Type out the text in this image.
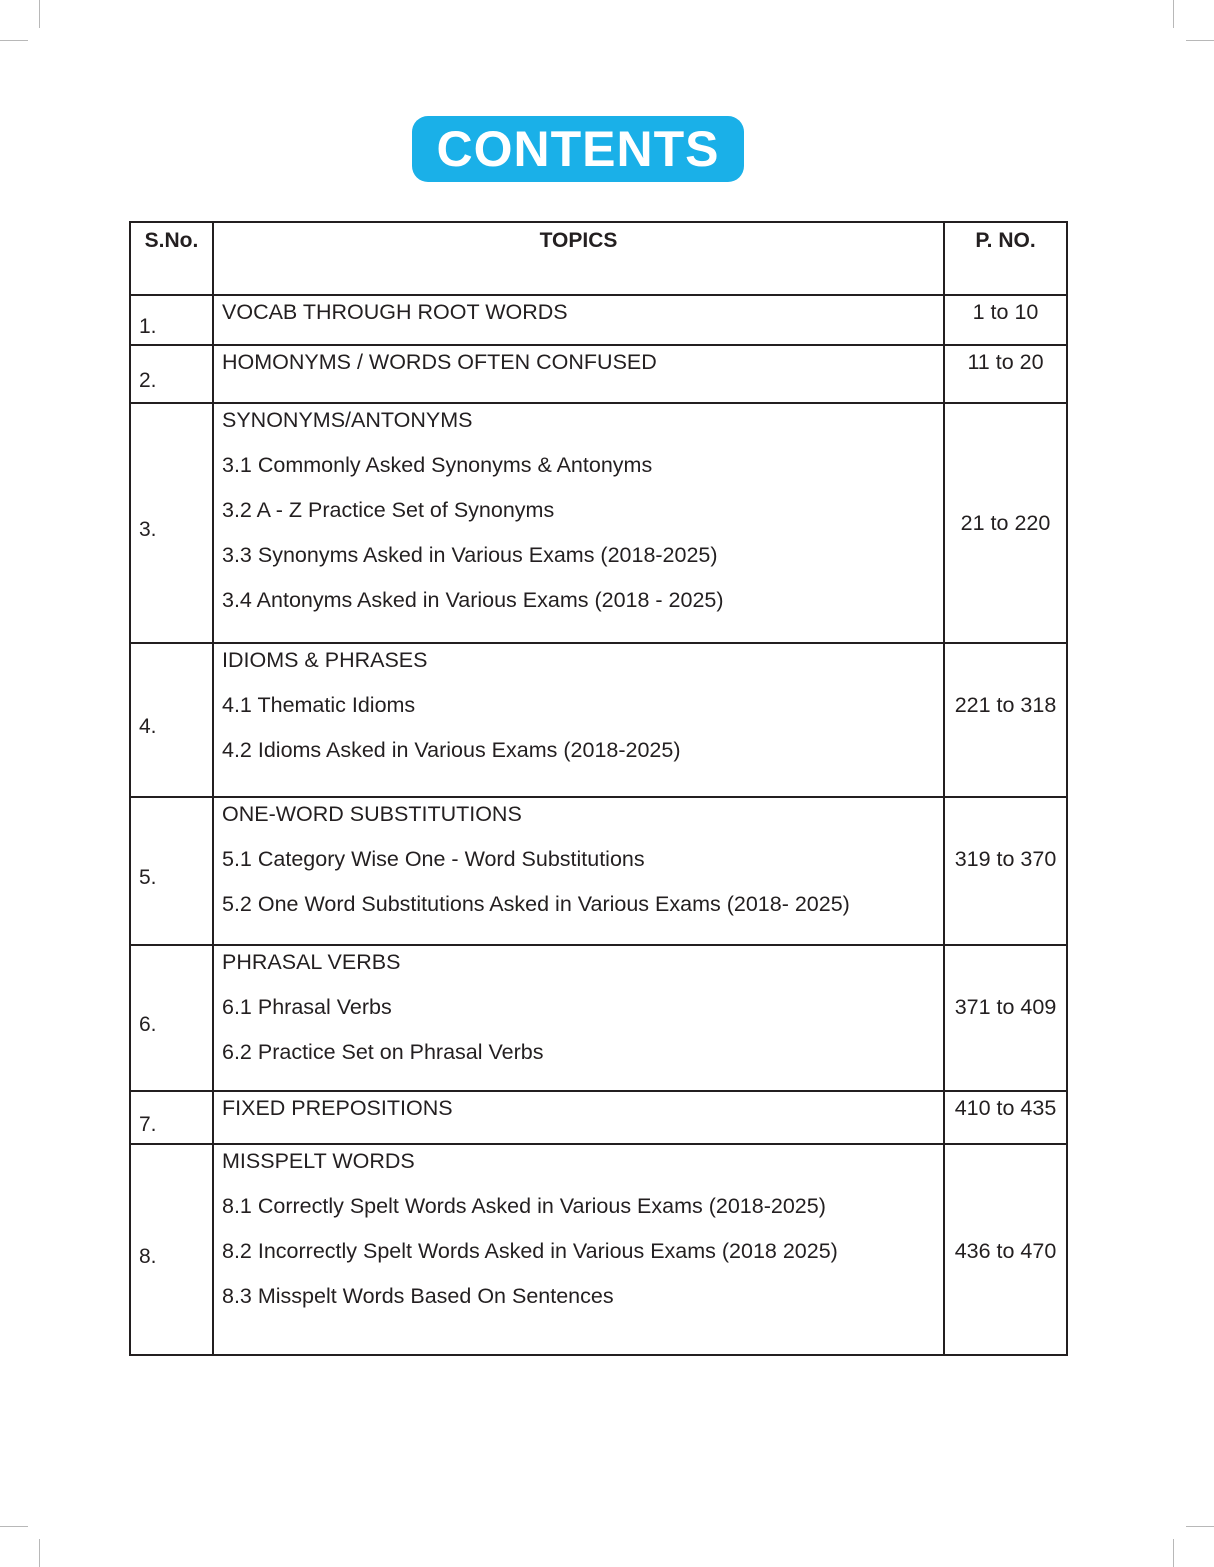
CONTENTS
S.No.	TOPICS	P. NO.
1.	VOCAB THROUGH ROOT WORDS	1 to 10
2.	HOMONYMS / WORDS OFTEN CONFUSED	11 to 20
3.	SYNONYMS/ANTONYMS
3.1 Commonly Asked Synonyms & Antonyms
3.2 A - Z Practice Set of Synonyms
3.3 Synonyms Asked in Various Exams (2018-2025)
3.4 Antonyms Asked in Various Exams (2018 - 2025)	21 to 220
4.	IDIOMS & PHRASES
4.1 Thematic Idioms
4.2 Idioms Asked in Various Exams (2018-2025)	221 to 318
5.	ONE-WORD SUBSTITUTIONS
5.1 Category Wise One - Word Substitutions
5.2 One Word Substitutions Asked in Various Exams (2018- 2025)	319 to 370
6.	PHRASAL VERBS
6.1 Phrasal Verbs
6.2 Practice Set on Phrasal Verbs	371 to 409
7.	FIXED PREPOSITIONS	410 to 435
8.	MISSPELT WORDS
8.1 Correctly Spelt Words Asked in Various Exams (2018-2025)
8.2 Incorrectly Spelt Words Asked in Various Exams (2018 2025)
8.3 Misspelt Words Based On Sentences	436 to 470
